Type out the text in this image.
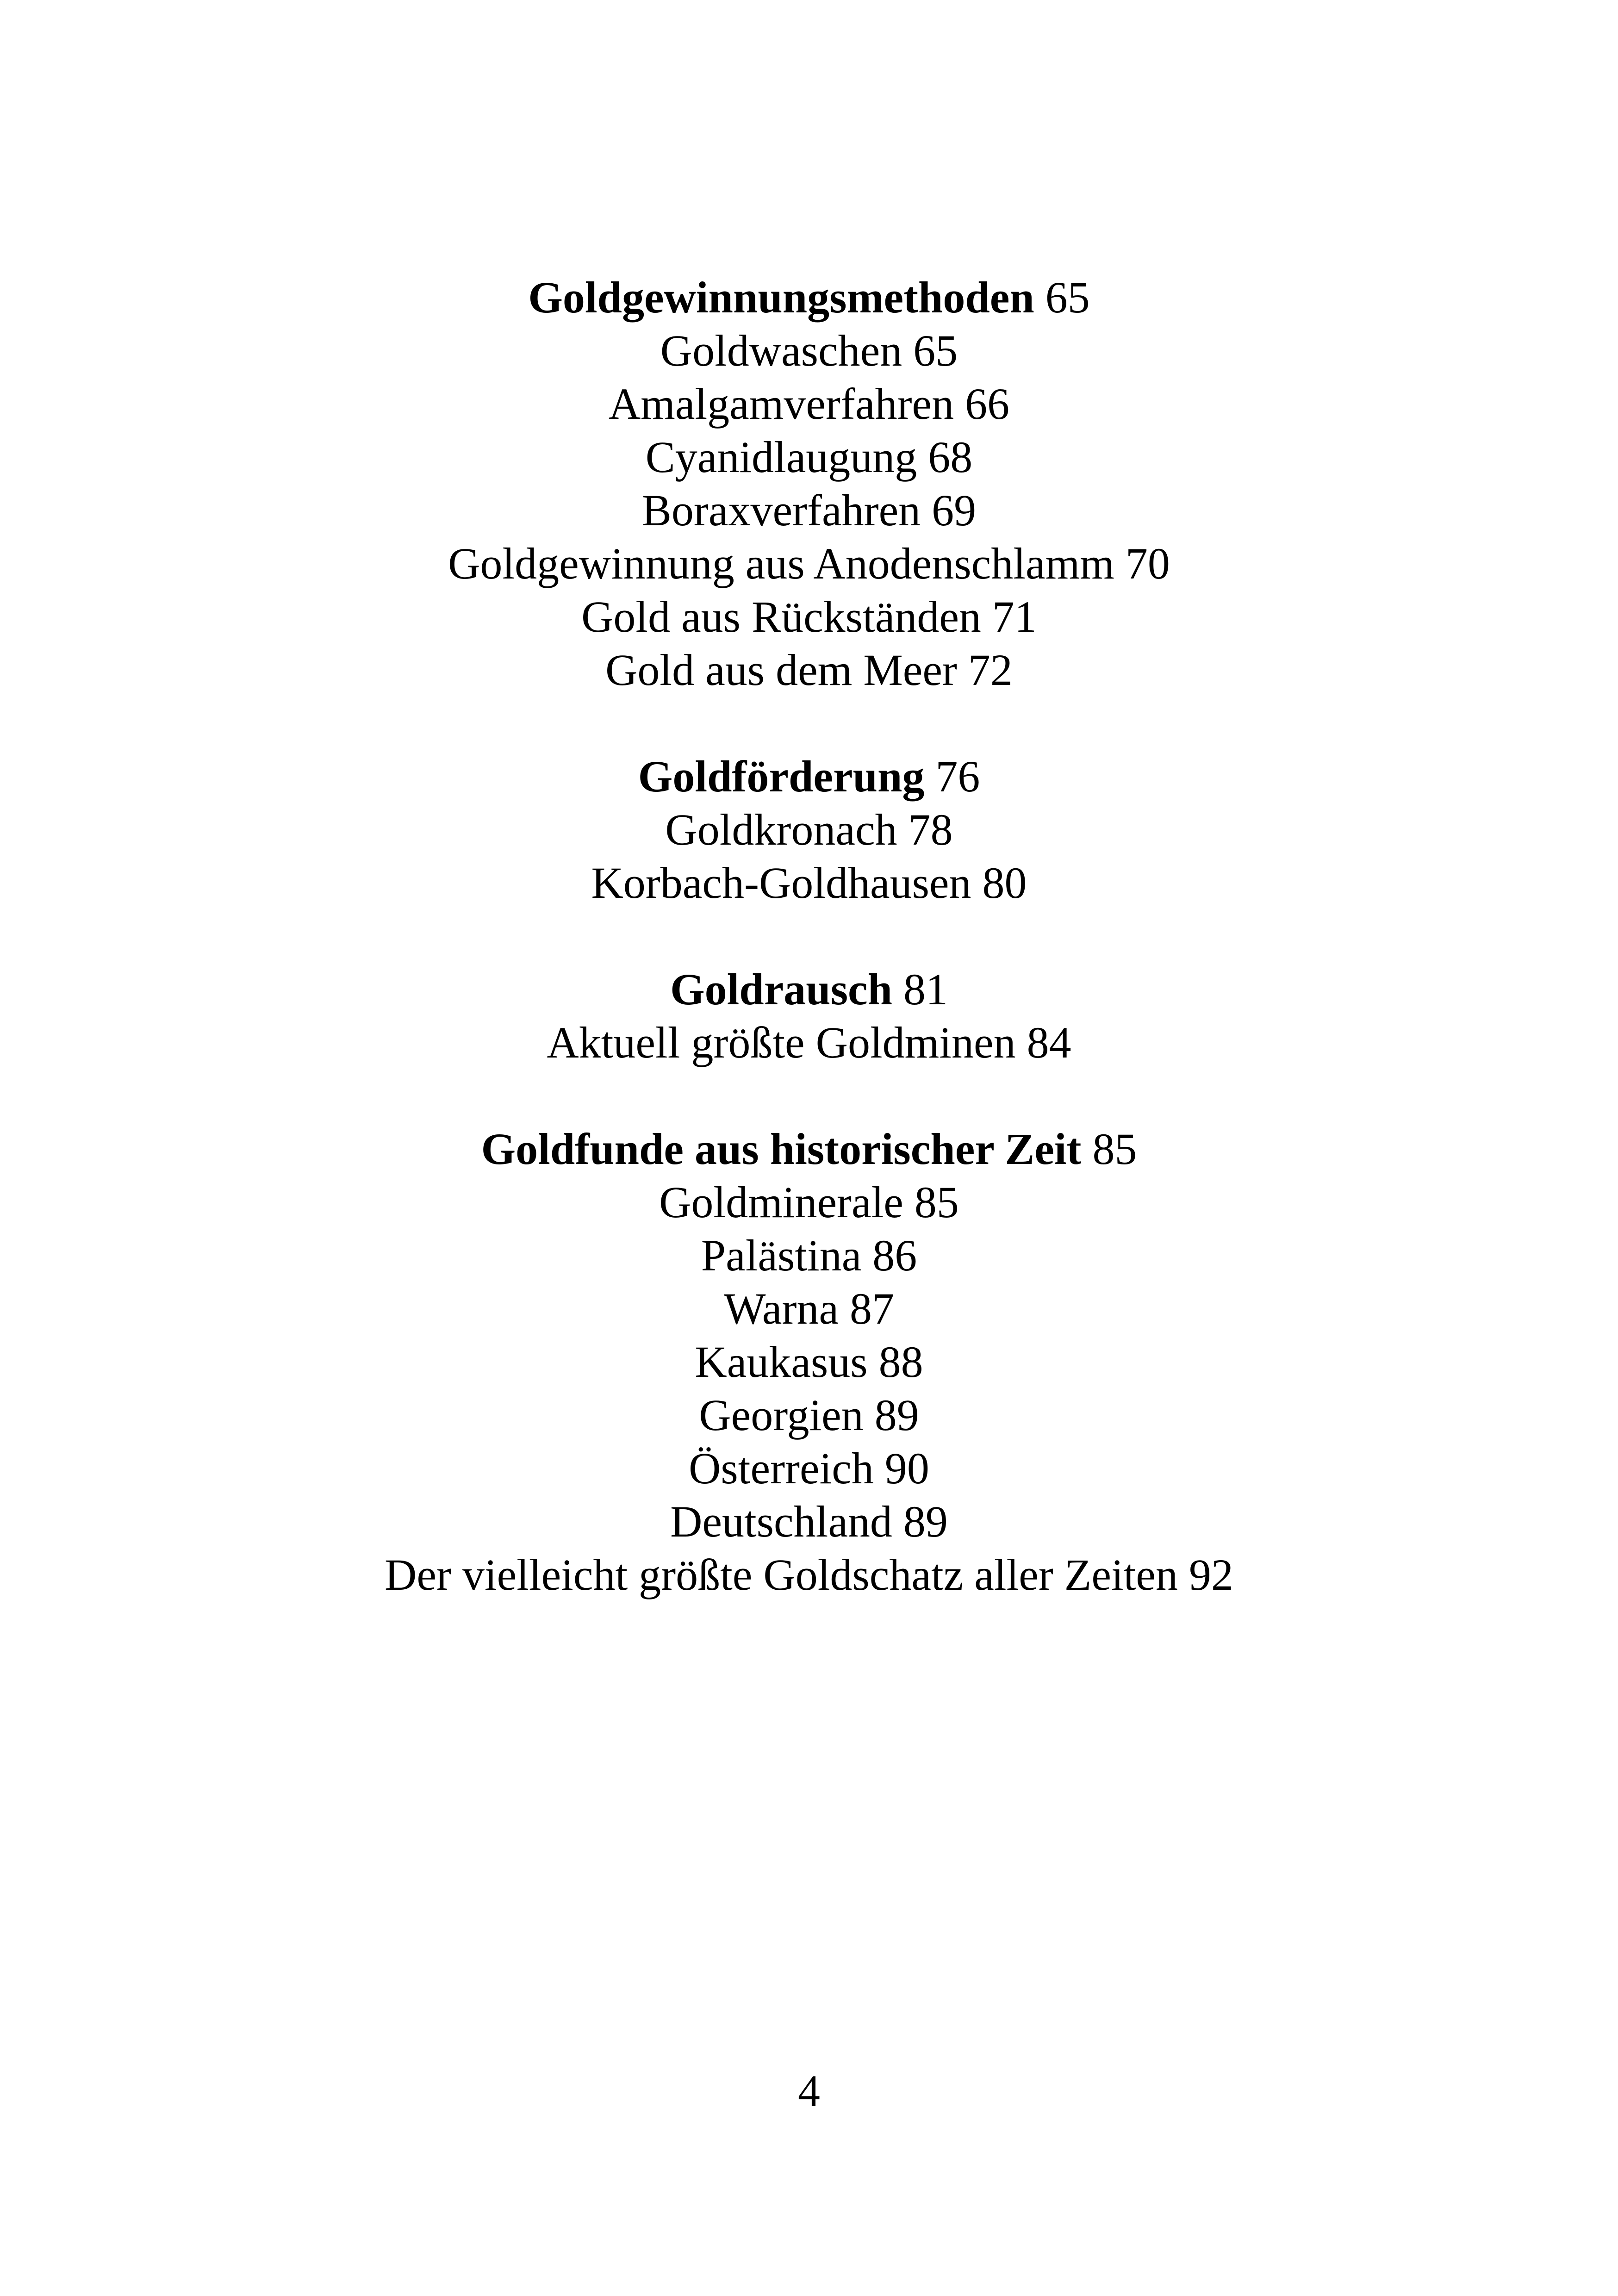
Goldgewinnungsmethoden 65
Goldwaschen 65
Amalgamverfahren 66
Cyanidlaugung 68
Boraxverfahren 69
Goldgewinnung aus Anodenschlamm 70
Gold aus Rückständen 71
Gold aus dem Meer 72
Goldförderung 76
Goldkronach 78
Korbach-Goldhausen 80
Goldrausch 81
Aktuell größte Goldminen 84
Goldfunde aus historischer Zeit 85
Goldminerale 85
Palästina 86
Warna 87
Kaukasus 88
Georgien 89
Österreich 90
Deutschland 89
Der vielleicht größte Goldschatz aller Zeiten 92
4
